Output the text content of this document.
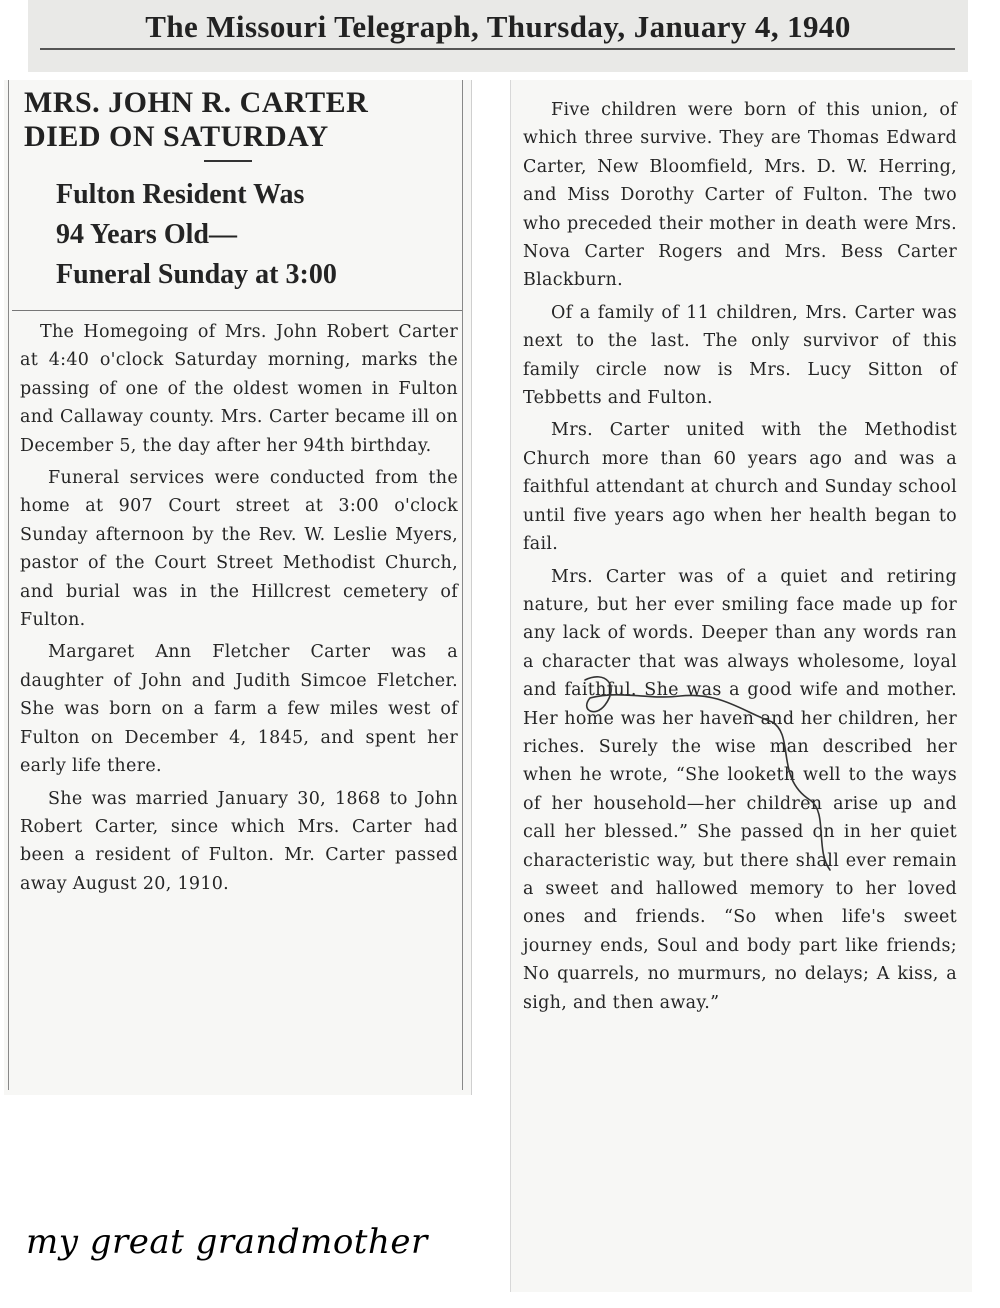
The Missouri Telegraph, Thursday, January 4, 1940
MRS. JOHN R. CARTER
DIED ON SATURDAY
Fulton Resident Was
94 Years Old—
Funeral Sunday at 3:00

The Homegoing of Mrs. John Robert Carter at 4:40 o'clock Saturday morning, marks the passing of one of the oldest women in Fulton and Callaway county. Mrs. Carter became ill on December 5, the day after her 94th birthday.

Funeral services were conducted from the home at 907 Court street at 3:00 o'clock Sunday afternoon by the Rev. W. Leslie Myers, pastor of the Court Street Methodist Church, and burial was in the Hillcrest cemetery of Fulton.

Margaret Ann Fletcher Carter was a daughter of John and Judith Simcoe Fletcher. She was born on a farm a few miles west of Fulton on December 4, 1845, and spent her early life there.

She was married January 30, 1868 to John Robert Carter, since which Mrs. Carter had been a resident of Fulton. Mr. Carter passed away August 20, 1910.

Five children were born of this union, of which three survive. They are Thomas Edward Carter, New Bloomfield, Mrs. D. W. Herring, and Miss Dorothy Carter of Fulton. The two who preceded their mother in death were Mrs. Nova Carter Rogers and Mrs. Bess Carter Blackburn.

Of a family of 11 children, Mrs. Carter was next to the last. The only survivor of this family circle now is Mrs. Lucy Sitton of Tebbetts and Fulton.

Mrs. Carter united with the Methodist Church more than 60 years ago and was a faithful attendant at church and Sunday school until five years ago when her health began to fail.

Mrs. Carter was of a quiet and retiring nature, but her ever smiling face made up for any lack of words. Deeper than any words ran a character that was always wholesome, loyal and faithful. She was a good wife and mother. Her home was her haven and her children, her riches. Surely the wise man described her when he wrote, “She looketh well to the ways of her household—her children arise up and call her blessed.” She passed on in her quiet characteristic way, but there shall ever remain a sweet and hallowed memory to her loved ones and friends. “So when life's sweet journey ends, Soul and body part like friends; No quarrels, no murmurs, no delays; A kiss, a sigh, and then away.”

my great grandmother
